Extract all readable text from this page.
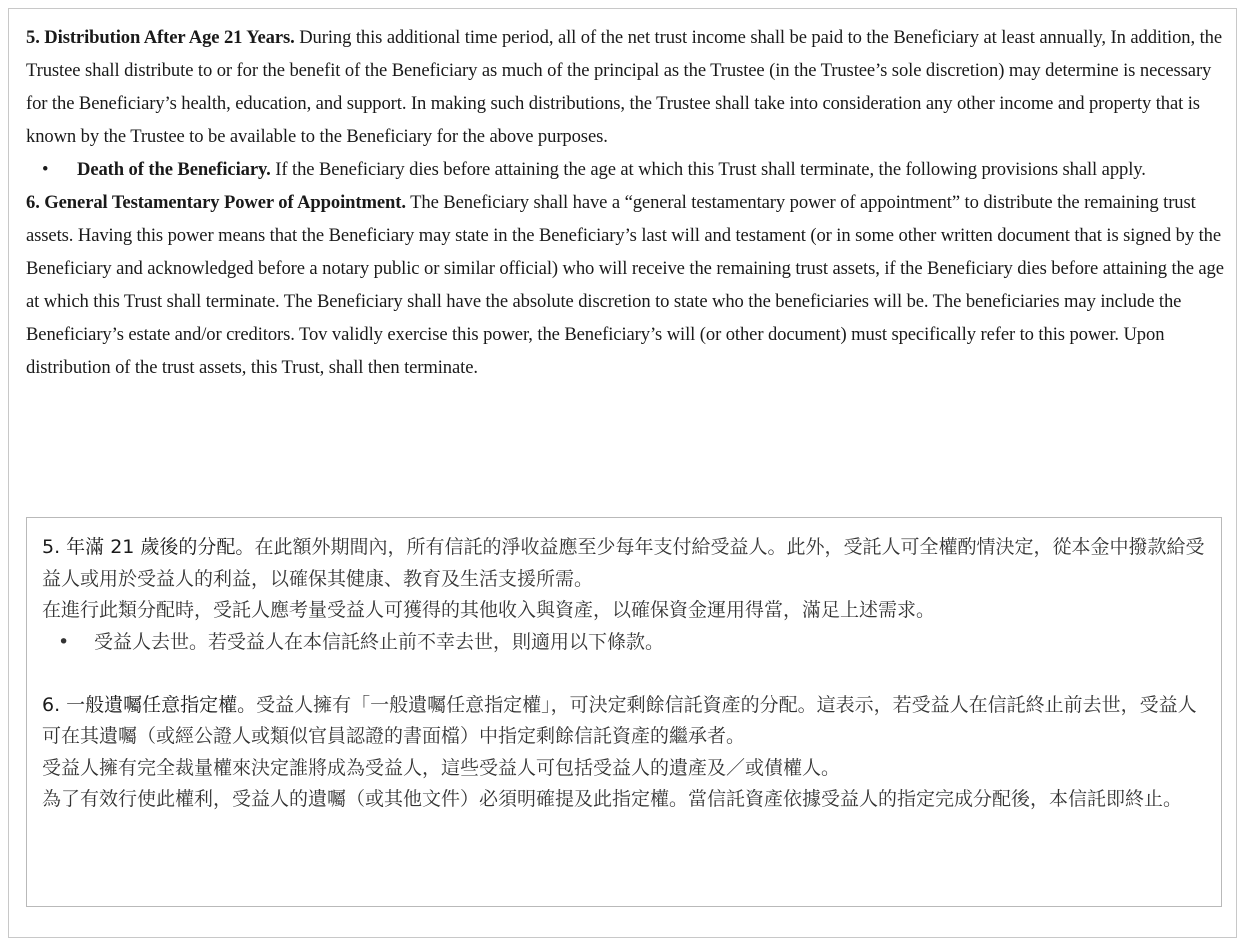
5. Distribution After Age 21 Years. During this additional time period, all of the net trust income shall be paid to the Beneficiary at least annually, In addition, the Trustee shall distribute to or for the benefit of the Beneficiary as much of the principal as the Trustee (in the Trustee’s sole discretion) may determine is necessary for the Beneficiary’s health, education, and support. In making such distributions, the Trustee shall take into consideration any other income and property that is known by the Trustee to be available to the Beneficiary for the above purposes.

• Death of the Beneficiary. If the Beneficiary dies before attaining the age at which this Trust shall terminate, the following provisions shall apply.

6. General Testamentary Power of Appointment. The Beneficiary shall have a “general testamentary power of appointment” to distribute the remaining trust assets. Having this power means that the Beneficiary may state in the Beneficiary’s last will and testament (or in some other written document that is signed by the Beneficiary and acknowledged before a notary public or similar official) who will receive the remaining trust assets, if the Beneficiary dies before attaining the age at which this Trust shall terminate. The Beneficiary shall have the absolute discretion to state who the beneficiaries will be. The beneficiaries may include the Beneficiary’s estate and/or creditors. Tov validly exercise this power, the Beneficiary’s will (or other document) must specifically refer to this power. Upon distribution of the trust assets, this Trust, shall then terminate.

5. 年滿 21 歲後的分配。在此額外期間內，所有信託的淨收益應至少每年支付給受益人。此外，受託人可全權酌情決定，從本金中撥款給受益人或用於受益人的利益，以確保其健康、教育及生活支援所需。

在進行此類分配時，受託人應考量受益人可獲得的其他收入與資產，以確保資金運用得當，滿足上述需求。

• 受益人去世。若受益人在本信託終止前不幸去世，則適用以下條款。

6. 一般遺囑任意指定權。受益人擁有「一般遺囑任意指定權」，可決定剩餘信託資產的分配。這表示，若受益人在信託終止前去世，受益人可在其遺囑（或經公證人或類似官員認證的書面檔）中指定剩餘信託資產的繼承者。

受益人擁有完全裁量權來決定誰將成為受益人，這些受益人可包括受益人的遺產及／或債權人。

為了有效行使此權利，受益人的遺囑（或其他文件）必須明確提及此指定權。當信託資產依據受益人的指定完成分配後，本信託即終止。
